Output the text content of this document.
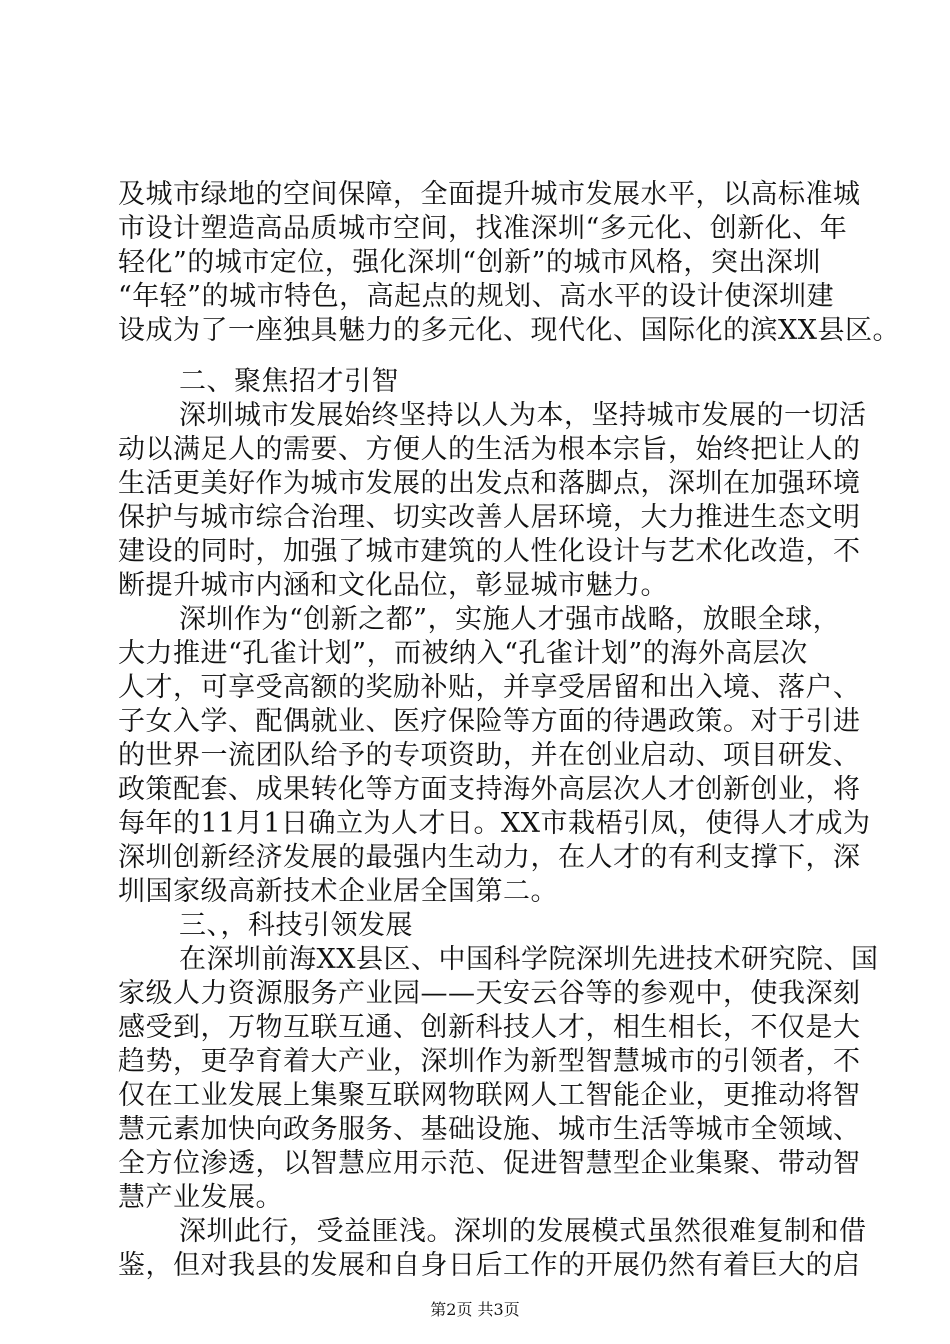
及城市绿地的空间保障，全面提升城市发展水平，以高标准城
市设计塑造高品质城市空间，找准深圳“多元化、创新化、年
轻化”的城市定位，强化深圳“创新”的城市风格，突出深圳
“年轻”的城市特色，高起点的规划、高水平的设计使深圳建
设成为了一座独具魅力的多元化、现代化、国际化的滨XX县区。
二、聚焦招才引智
深圳城市发展始终坚持以人为本，坚持城市发展的一切活
动以满足人的需要、方便人的生活为根本宗旨，始终把让人的
生活更美好作为城市发展的出发点和落脚点，深圳在加强环境
保护与城市综合治理、切实改善人居环境，大力推进生态文明
建设的同时，加强了城市建筑的人性化设计与艺术化改造，不
断提升城市内涵和文化品位，彰显城市魅力。
深圳作为“创新之都”，实施人才强市战略，放眼全球，
大力推进“孔雀计划”，而被纳入“孔雀计划”的海外高层次
人才，可享受高额的奖励补贴，并享受居留和出入境、落户、
子女入学、配偶就业、医疗保险等方面的待遇政策。对于引进
的世界一流团队给予的专项资助，并在创业启动、项目研发、
政策配套、成果转化等方面支持海外高层次人才创新创业，将
每年的11月1日确立为人才日。XX市栽梧引凤，使得人才成为
深圳创新经济发展的最强内生动力，在人才的有利支撑下，深
圳国家级高新技术企业居全国第二。
三、，科技引领发展
在深圳前海XX县区、中国科学院深圳先进技术研究院、国
家级人力资源服务产业园——天安云谷等的参观中，使我深刻
感受到，万物互联互通、创新科技人才，相生相长，不仅是大
趋势，更孕育着大产业，深圳作为新型智慧城市的引领者，不
仅在工业发展上集聚互联网物联网人工智能企业，更推动将智
慧元素加快向政务服务、基础设施、城市生活等城市全领域、
全方位渗透，以智慧应用示范、促进智慧型企业集聚、带动智
慧产业发展。
深圳此行，受益匪浅。深圳的发展模式虽然很难复制和借
第2页 共3页
鉴，但对我县的发展和自身日后工作的开展仍然有着巨大的启
